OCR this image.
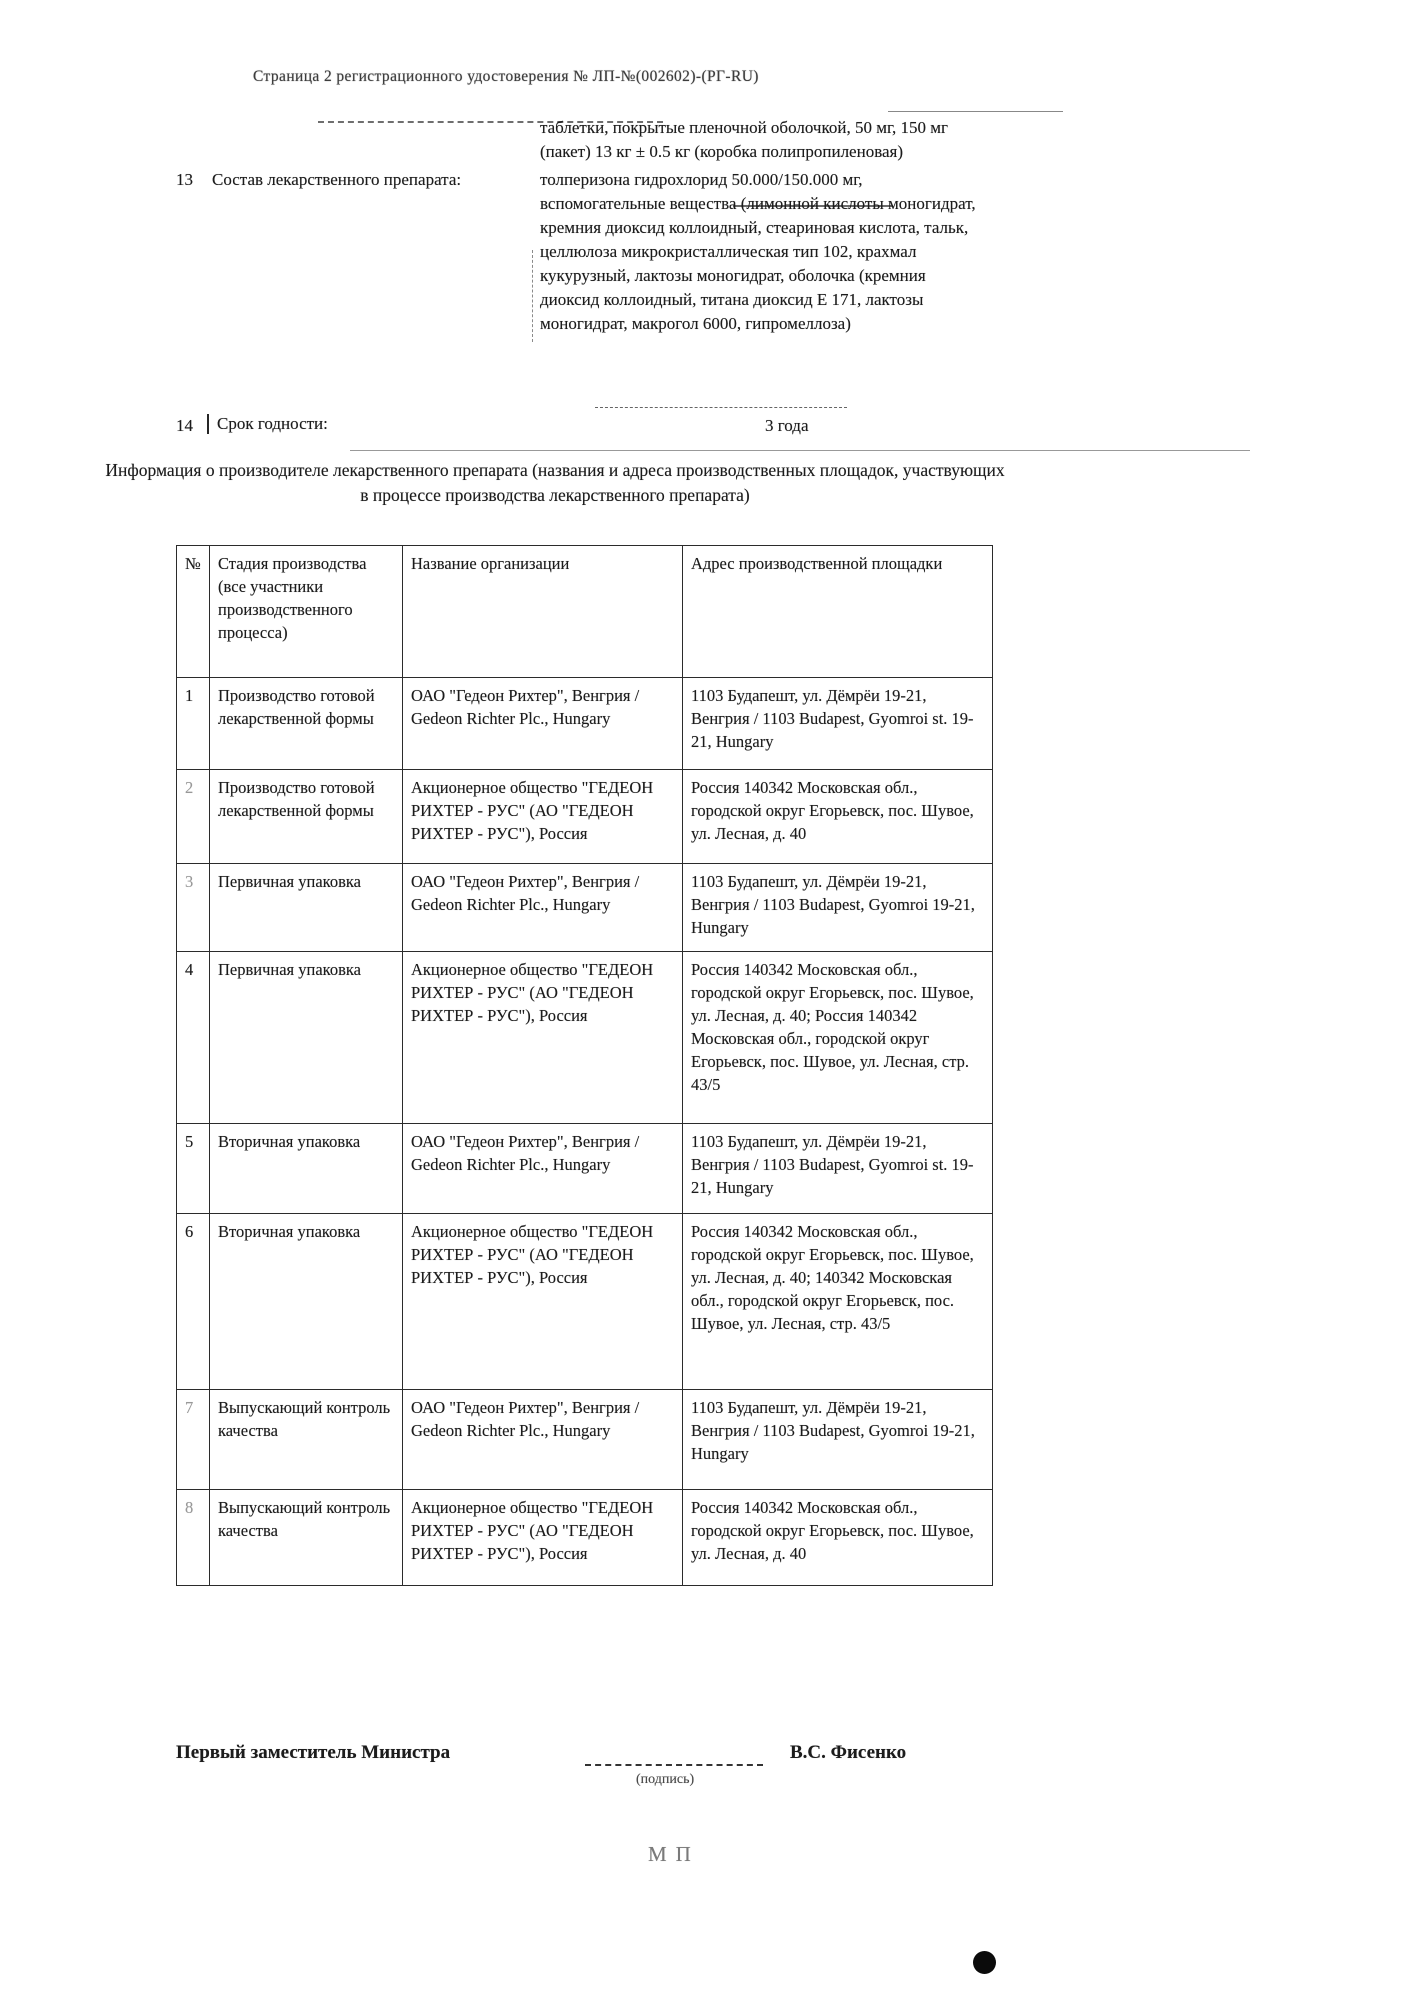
Страница 2 регистрационного удостоверения № ЛП-№(002602)-(РГ-RU)
таблетки, покрытые пленочной оболочкой, 50 мг, 150 мг (пакет) 13 кг ± 0.5 кг (коробка полипропиленовая)
13 Состав лекарственного препарата:	толперизона гидрохлорид 50.000/150.000 мг, вспомогательные вещества (лимонной кислоты моногидрат, кремния диоксид коллоидный, стеариновая кислота, тальк, целлюлоза микрокристаллическая тип 102, крахмал кукурузный, лактозы моногидрат, оболочка (кремния диоксид коллоидный, титана диоксид Е 171, лактозы моногидрат, макрогол 6000, гипромеллоза)
14	Срок годности:	3 года
Информация о производителе лекарственного препарата (названия и адреса производственных площадок, участвующих в процессе производства лекарственного препарата)
№	Стадия производства (все участники производственного процесса)	Название организации	Адрес производственной площадки
1	Производство готовой лекарственной формы	ОАО "Гедеон Рихтер", Венгрия / Gedeon Richter Plc., Hungary	1103 Будапешт, ул. Дёмрёи 19-21, Венгрия / 1103 Budapest, Gyomroi st. 19-21, Hungary
2	Производство готовой лекарственной формы	Акционерное общество "ГЕДЕОН РИХТЕР - РУС" (АО "ГЕДЕОН РИХТЕР - РУС"), Россия	Россия 140342 Московская обл., городской округ Егорьевск, пос. Шувое, ул. Лесная, д. 40
3	Первичная упаковка	ОАО "Гедеон Рихтер", Венгрия / Gedeon Richter Plc., Hungary	1103 Будапешт, ул. Дёмрёи 19-21, Венгрия / 1103 Budapest, Gyomroi 19-21, Hungary
4	Первичная упаковка	Акционерное общество "ГЕДЕОН РИХТЕР - РУС" (АО "ГЕДЕОН РИХТЕР - РУС"), Россия	Россия 140342 Московская обл., городской округ Егорьевск, пос. Шувое, ул. Лесная, д. 40; Россия 140342 Московская обл., городской округ Егорьевск, пос. Шувое, ул. Лесная, стр. 43/5
5	Вторичная упаковка	ОАО "Гедеон Рихтер", Венгрия / Gedeon Richter Plc., Hungary	1103 Будапешт, ул. Дёмрёи 19-21, Венгрия / 1103 Budapest, Gyomroi st. 19-21, Hungary
6	Вторичная упаковка	Акционерное общество "ГЕДЕОН РИХТЕР - РУС" (АО "ГЕДЕОН РИХТЕР - РУС"), Россия	Россия 140342 Московская обл., городской округ Егорьевск, пос. Шувое, ул. Лесная, д. 40; 140342 Московская обл., городской округ Егорьевск, пос. Шувое, ул. Лесная, стр. 43/5
7	Выпускающий контроль качества	ОАО "Гедеон Рихтер", Венгрия / Gedeon Richter Plc., Hungary	1103 Будапешт, ул. Дёмрёи 19-21, Венгрия / 1103 Budapest, Gyomroi 19-21, Hungary
8	Выпускающий контроль качества	Акционерное общество "ГЕДЕОН РИХТЕР - РУС" (АО "ГЕДЕОН РИХТЕР - РУС"), Россия	Россия 140342 Московская обл., городской округ Егорьевск, пос. Шувое, ул. Лесная, д. 40
Первый заместитель Министра	В.С. Фисенко
(подпись)
МП
